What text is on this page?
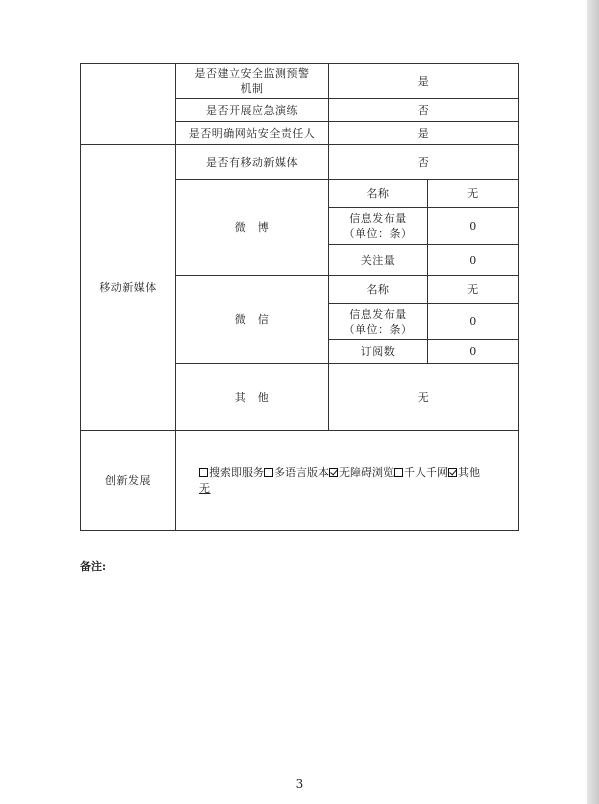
	是否建立安全监测预警
机制	是	
	是否开展应急演练	否	
	是否明确网站安全责任人	是	
移动新媒体	是否有移动新媒体	否	
	微　博	名称	无

		信息发布量
（单位：条）	0
		关注量	0
	微　信	名称	无

		信息发布量
（单位：条）	0
		订阅数	0
	其　他	无	
创新发展	搜索即服务 多语言版本 无障碍浏览 千人千网 其他
无		
备注:
3
